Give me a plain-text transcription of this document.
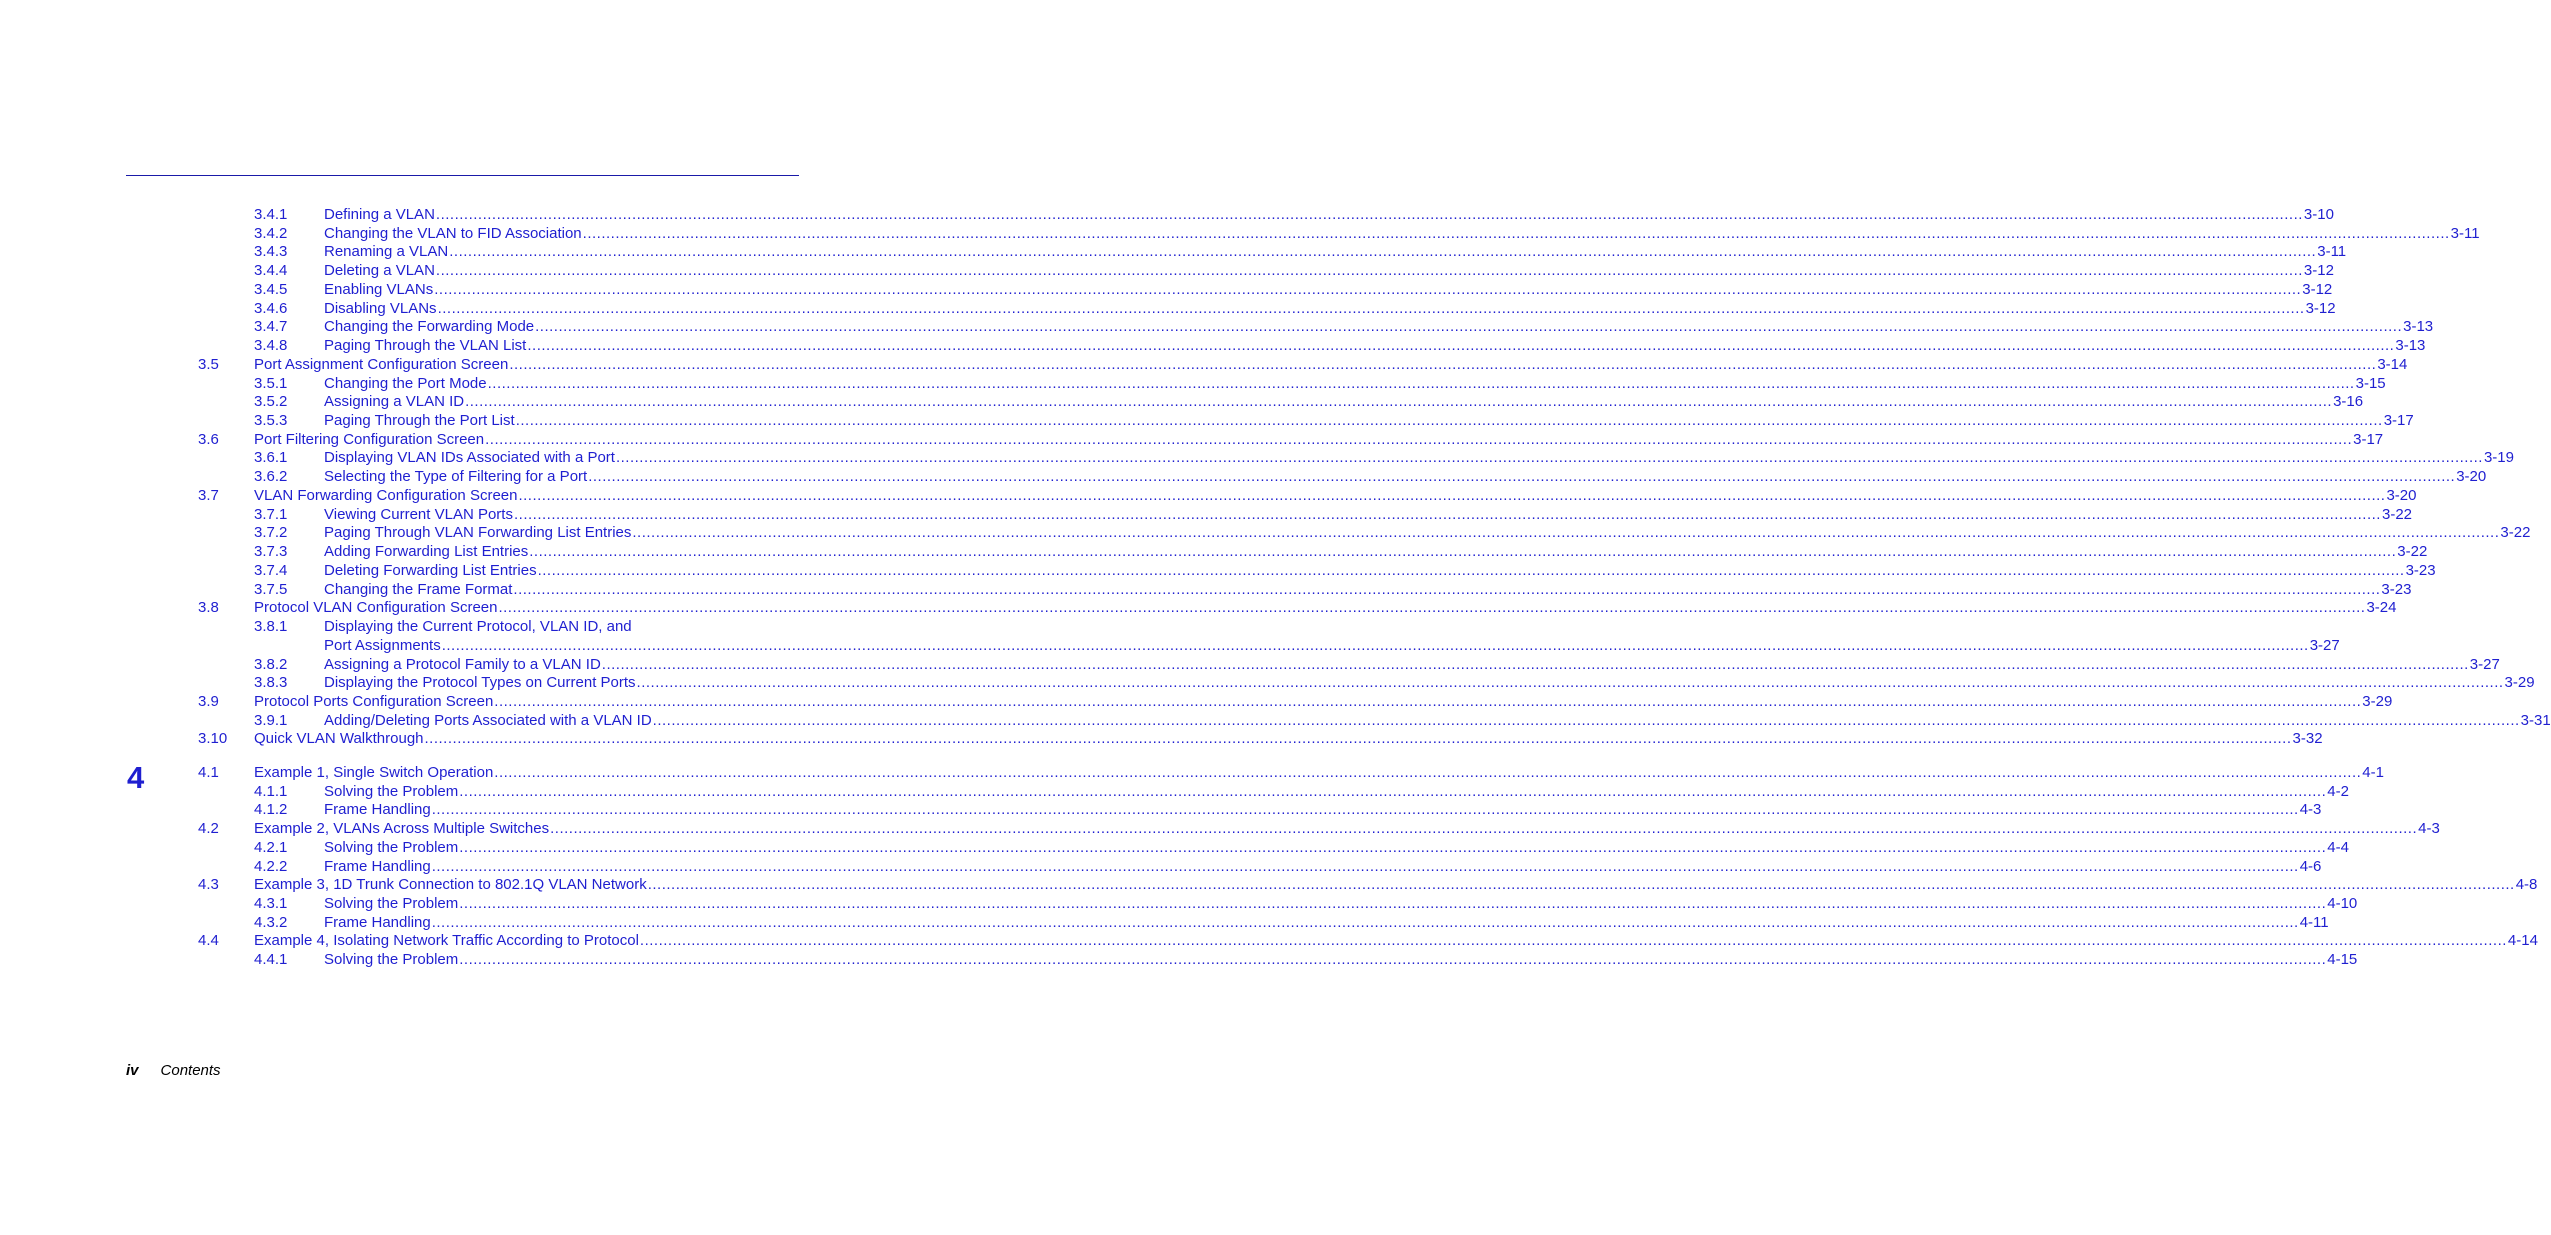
3.4.1 Defining a VLAN ................................................................................................................................................................................................................................................................................................................................................................................................................ 3-10
3.4.2 Changing the VLAN to FID Association ................................................................................................................................................................................................................................................................................................................................................................................................................ 3-11
3.4.3 Renaming a VLAN ................................................................................................................................................................................................................................................................................................................................................................................................................ 3-11
3.4.4 Deleting a VLAN ................................................................................................................................................................................................................................................................................................................................................................................................................ 3-12
3.4.5 Enabling VLANs ................................................................................................................................................................................................................................................................................................................................................................................................................ 3-12
3.4.6 Disabling VLANs ................................................................................................................................................................................................................................................................................................................................................................................................................ 3-12
3.4.7 Changing the Forwarding Mode ................................................................................................................................................................................................................................................................................................................................................................................................................ 3-13
3.4.8 Paging Through the VLAN List ................................................................................................................................................................................................................................................................................................................................................................................................................ 3-13
3.5 Port Assignment Configuration Screen ................................................................................................................................................................................................................................................................................................................................................................................................................ 3-14
3.5.1 Changing the Port Mode ................................................................................................................................................................................................................................................................................................................................................................................................................ 3-15
3.5.2 Assigning a VLAN ID ................................................................................................................................................................................................................................................................................................................................................................................................................ 3-16
3.5.3 Paging Through the Port List ................................................................................................................................................................................................................................................................................................................................................................................................................ 3-17
3.6 Port Filtering Configuration Screen ................................................................................................................................................................................................................................................................................................................................................................................................................ 3-17
3.6.1 Displaying VLAN IDs Associated with a Port ................................................................................................................................................................................................................................................................................................................................................................................................................ 3-19
3.6.2 Selecting the Type of Filtering for a Port ................................................................................................................................................................................................................................................................................................................................................................................................................ 3-20
3.7 VLAN Forwarding Configuration Screen ................................................................................................................................................................................................................................................................................................................................................................................................................ 3-20
3.7.1 Viewing Current VLAN Ports ................................................................................................................................................................................................................................................................................................................................................................................................................ 3-22
3.7.2 Paging Through VLAN Forwarding List Entries ................................................................................................................................................................................................................................................................................................................................................................................................................ 3-22
3.7.3 Adding Forwarding List Entries ................................................................................................................................................................................................................................................................................................................................................................................................................ 3-22
3.7.4 Deleting Forwarding List Entries ................................................................................................................................................................................................................................................................................................................................................................................................................ 3-23
3.7.5 Changing the Frame Format ................................................................................................................................................................................................................................................................................................................................................................................................................ 3-23
3.8 Protocol VLAN Configuration Screen ................................................................................................................................................................................................................................................................................................................................................................................................................ 3-24
3.8.1 Displaying the Current Protocol, VLAN ID, and
Port Assignments ................................................................................................................................................................................................................................................................................................................................................................................................................ 3-27
3.8.2 Assigning a Protocol Family to a VLAN ID ................................................................................................................................................................................................................................................................................................................................................................................................................ 3-27
3.8.3 Displaying the Protocol Types on Current Ports ................................................................................................................................................................................................................................................................................................................................................................................................................ 3-29
3.9 Protocol Ports Configuration Screen ................................................................................................................................................................................................................................................................................................................................................................................................................ 3-29
3.9.1 Adding/Deleting Ports Associated with a VLAN ID ................................................................................................................................................................................................................................................................................................................................................................................................................ 3-31
3.10 Quick VLAN Walkthrough ................................................................................................................................................................................................................................................................................................................................................................................................................ 3-32
4.1 Example 1, Single Switch Operation ................................................................................................................................................................................................................................................................................................................................................................................................................ 4-1
4.1.1 Solving the Problem ................................................................................................................................................................................................................................................................................................................................................................................................................ 4-2
4.1.2 Frame Handling ................................................................................................................................................................................................................................................................................................................................................................................................................ 4-3
4.2 Example 2, VLANs Across Multiple Switches ................................................................................................................................................................................................................................................................................................................................................................................................................ 4-3
4.2.1 Solving the Problem ................................................................................................................................................................................................................................................................................................................................................................................................................ 4-4
4.2.2 Frame Handling ................................................................................................................................................................................................................................................................................................................................................................................................................ 4-6
4.3 Example 3, 1D Trunk Connection to 802.1Q VLAN Network ................................................................................................................................................................................................................................................................................................................................................................................................................ 4-8
4.3.1 Solving the Problem ................................................................................................................................................................................................................................................................................................................................................................................................................ 4-10
4.3.2 Frame Handling ................................................................................................................................................................................................................................................................................................................................................................................................................ 4-11
4.4 Example 4, Isolating Network Traffic According to Protocol ................................................................................................................................................................................................................................................................................................................................................................................................................ 4-14
4.4.1 Solving the Problem ................................................................................................................................................................................................................................................................................................................................................................................................................ 4-15
4
iv Contents
